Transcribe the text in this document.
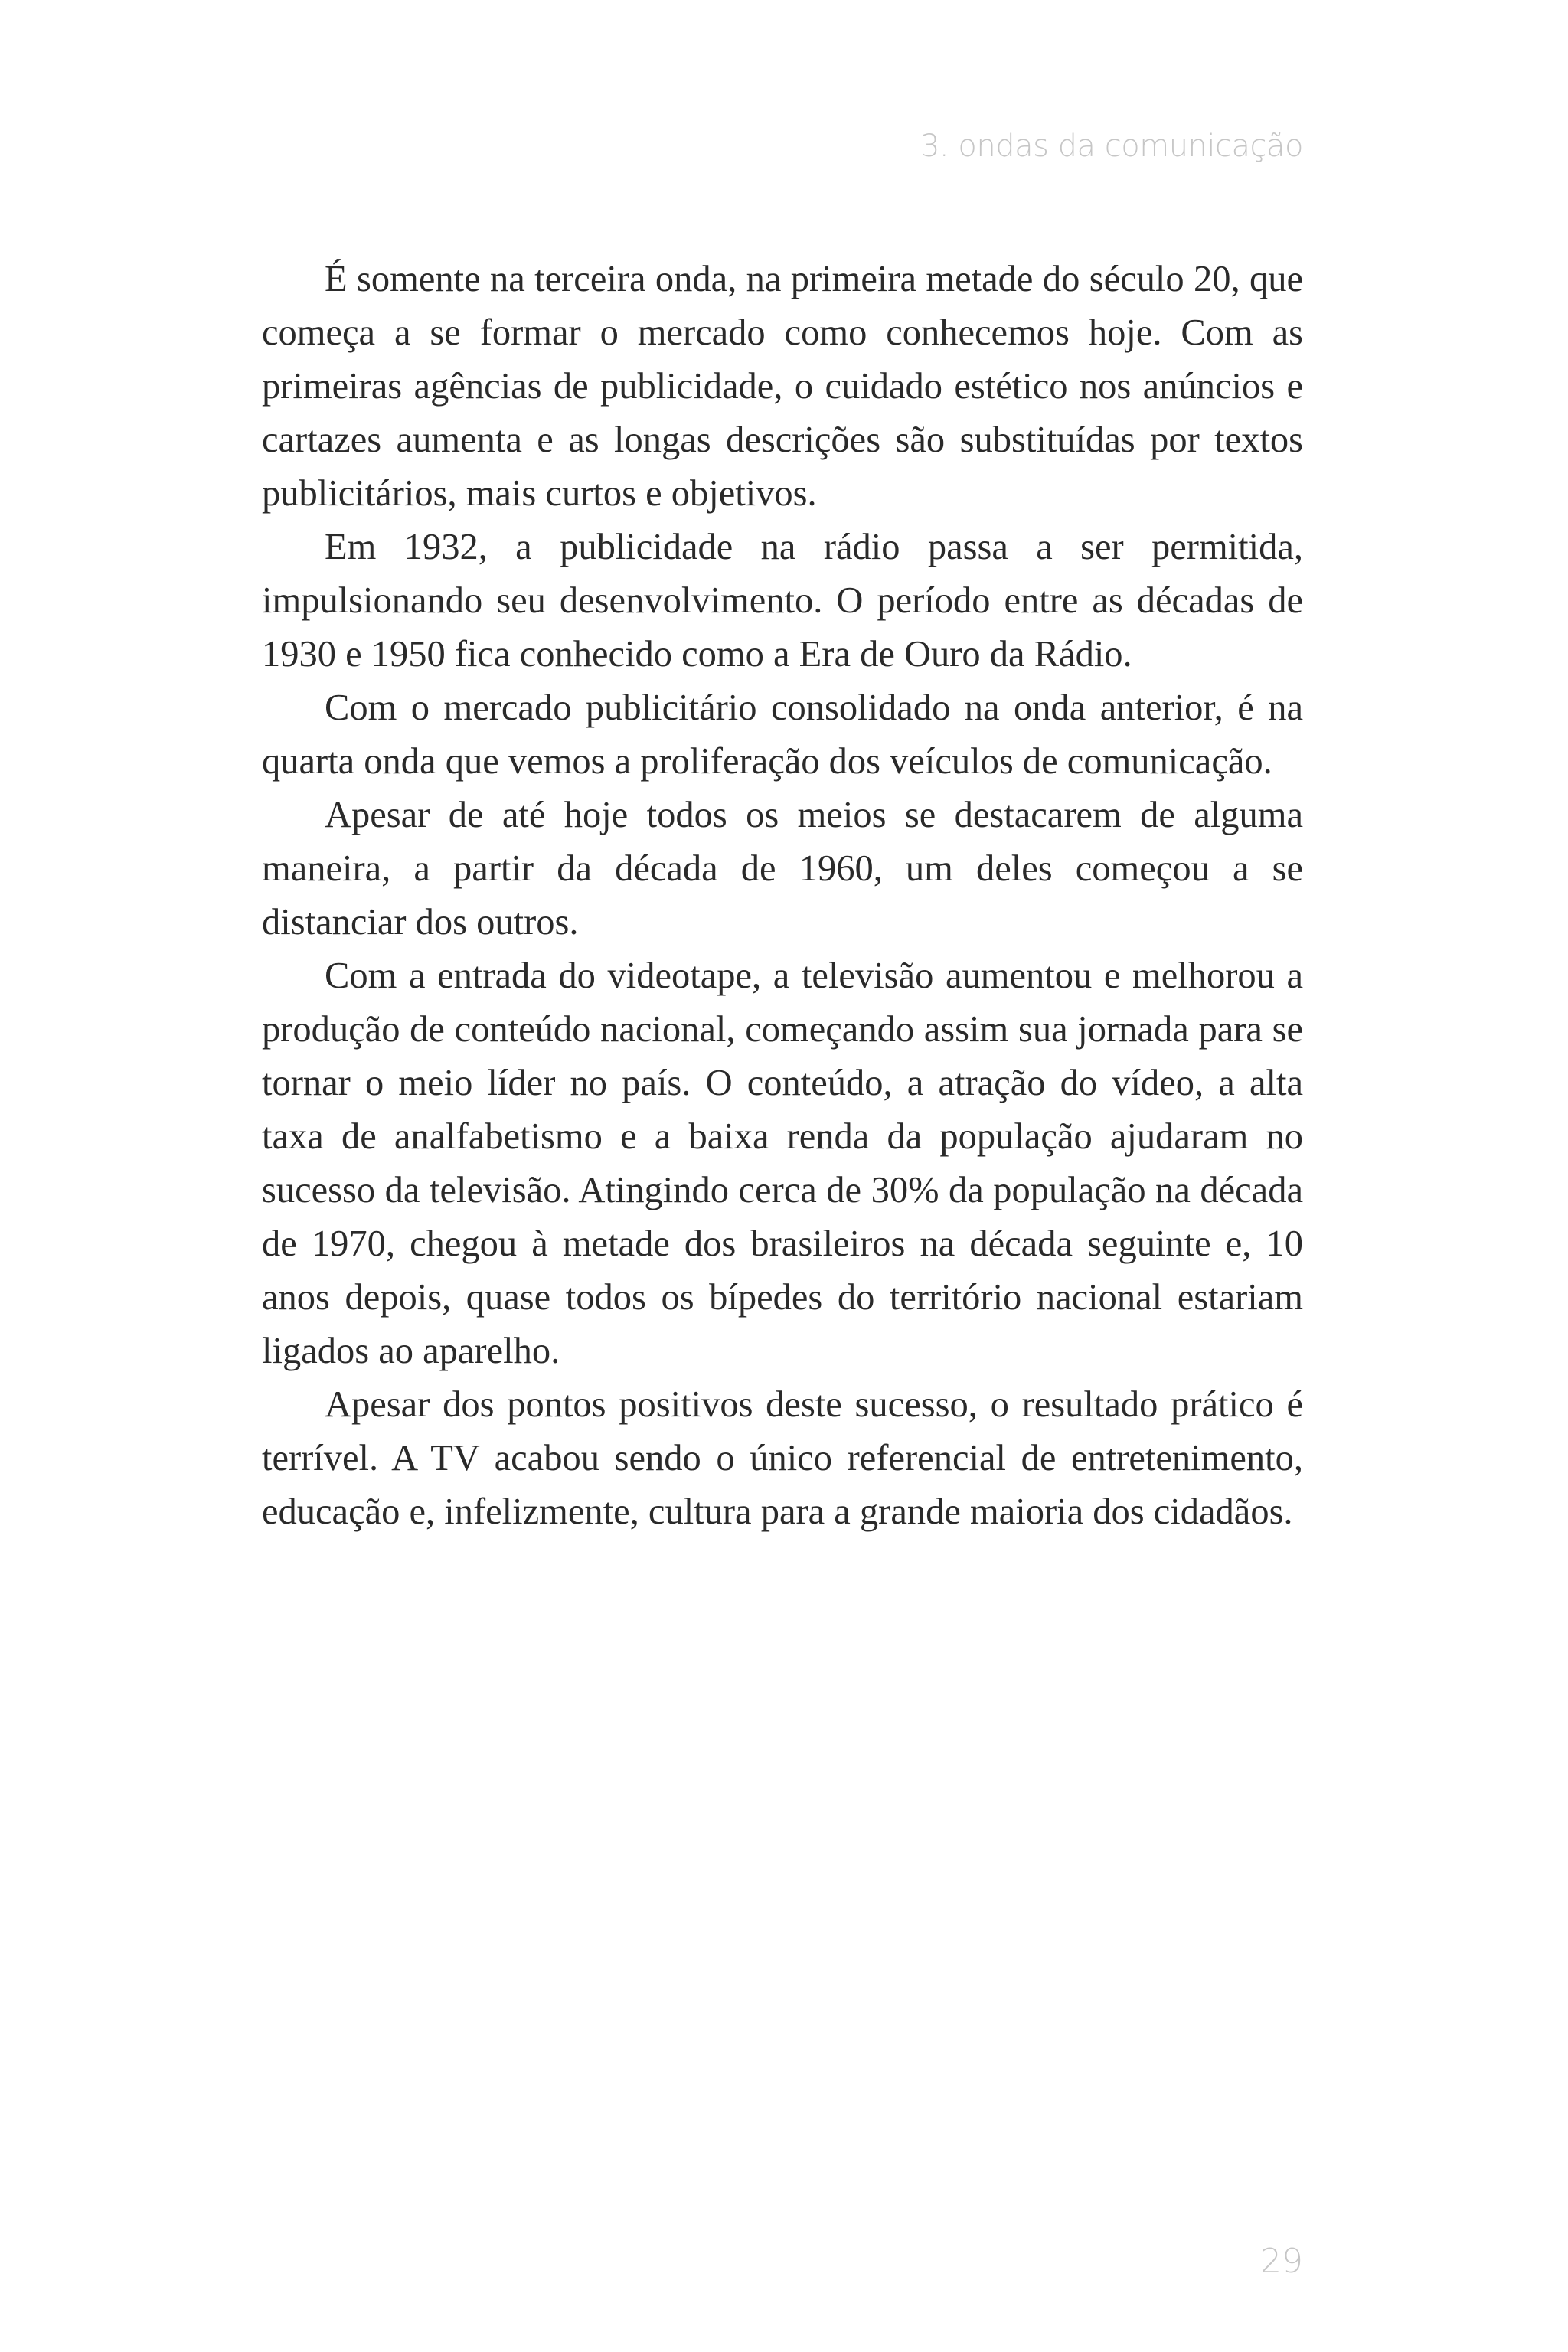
3. ondas da comunicação

É somente na terceira onda, na primeira metade do século 20, que começa a se formar o mercado como conhecemos hoje. Com as primeiras agências de publicidade, o cuidado estético nos anúncios e cartazes aumenta e as longas descrições são substituídas por textos publicitários, mais curtos e objetivos.

Em 1932, a publicidade na rádio passa a ser permitida, impulsionando seu desenvolvimento. O período entre as décadas de 1930 e 1950 fica conhecido como a Era de Ouro da Rádio.

Com o mercado publicitário consolidado na onda anterior, é na quarta onda que vemos a proliferação dos veículos de comunicação.

Apesar de até hoje todos os meios se destacarem de alguma maneira, a partir da década de 1960, um deles começou a se distanciar dos outros.

Com a entrada do videotape, a televisão aumentou e melhorou a produção de conteúdo nacional, começando assim sua jornada para se tornar o meio líder no país. O conteúdo, a atração do vídeo, a alta taxa de analfabetismo e a baixa renda da população ajudaram no sucesso da televisão. Atingindo cerca de 30% da população na década de 1970, chegou à metade dos brasileiros na década seguinte e, 10 anos depois, quase todos os bípedes do território nacional estariam ligados ao aparelho.

Apesar dos pontos positivos deste sucesso, o resultado prático é terrível. A TV acabou sendo o único referencial de entretenimento, educação e, infelizmente, cultura para a grande maioria dos cidadãos.

29
